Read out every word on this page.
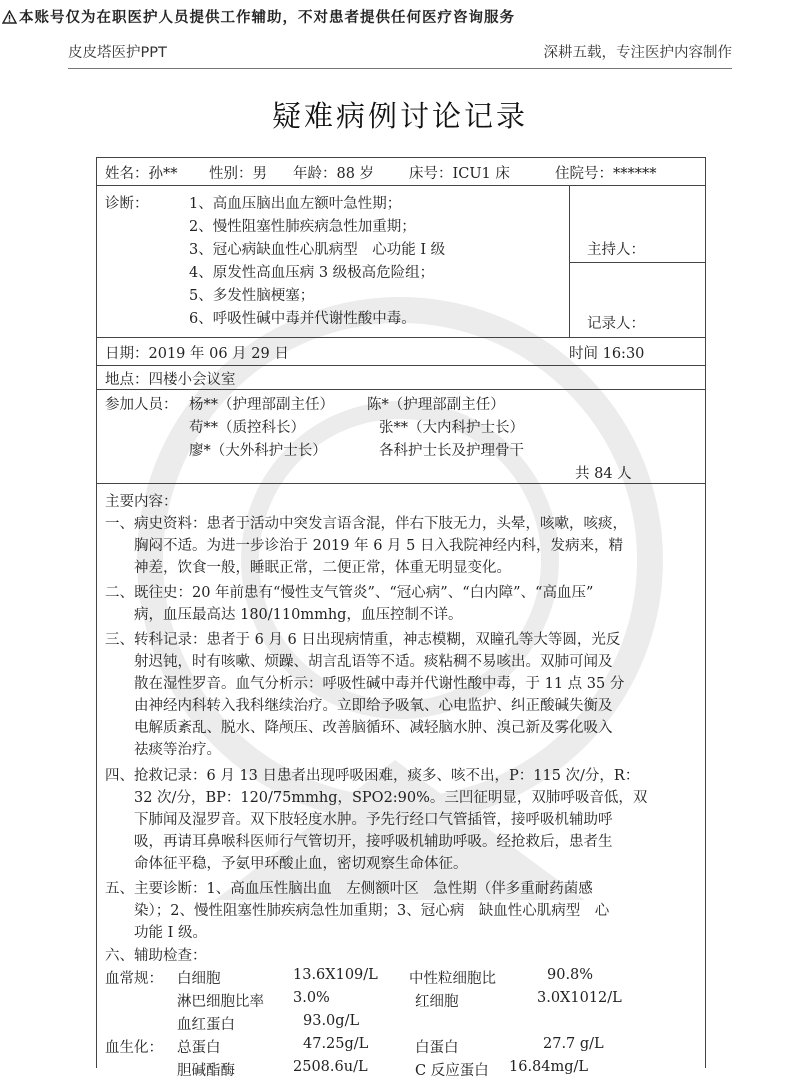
本账号仅为在职医护人员提供工作辅助，不对患者提供任何医疗咨询服务
皮皮塔医护PPT	深耕五载，专注医护内容制作
疑难病例讨论记录
姓名：孙** 性别：男 年龄：88 岁 床号：ICU1 床	住院号：******
诊断：	1、高血压脑出血左额叶急性期；
2、慢性阻塞性肺疾病急性加重期；
3、冠心病缺血性心肌病型　心功能 I 级
4、原发性高血压病 3 级极高危险组；
5、多发性脑梗塞；
6、呼吸性碱中毒并代谢性酸中毒。
主持人：
记录人：
日期：2019 年 06 月 29 日	时间 16:30
地点：四楼小会议室
参加人员： 杨**（护理部副主任） 陈*（护理部副主任）
苟**（质控科长）	张**（大内科护士长）
廖*（大外科护士长）	各科护士长及护理骨干
共 84 人
主要内容：
一、病史资料：患者于活动中突发言语含混，伴右下肢无力，头晕，咳嗽，咳痰，
　　胸闷不适。为进一步诊治于 2019 年 6 月 5 日入我院神经内科，发病来，精
　　神差，饮食一般，睡眠正常，二便正常，体重无明显变化。
二、既往史：20 年前患有“慢性支气管炎”、“冠心病”、“白内障”、“高血压”
　　病，血压最高达 180/110mmhg，血压控制不详。
三、转科记录：患者于 6 月 6 日出现病情重，神志模糊，双瞳孔等大等圆，光反
　　射迟钝，时有咳嗽、烦躁、胡言乱语等不适。痰粘稠不易咳出。双肺可闻及
　　散在湿性罗音。血气分析示：呼吸性碱中毒并代谢性酸中毒，于 11 点 35 分
　　由神经内科转入我科继续治疗。立即给予吸氧、心电监护、纠正酸碱失衡及
　　电解质紊乱、脱水、降颅压、改善脑循环、减轻脑水肿、溴己新及雾化吸入
　　祛痰等治疗。
四、抢救记录：6 月 13 日患者出现呼吸困难，痰多、咳不出，P：115 次/分，R：
　　32 次/分，BP：120/75mmhg，SPO2:90%。三凹征明显，双肺呼吸音低，双
　　下肺闻及湿罗音。双下肢轻度水肿。予先行经口气管插管，接呼吸机辅助呼
　　吸，再请耳鼻喉科医师行气管切开，接呼吸机辅助呼吸。经抢救后，患者生
　　命体征平稳，予氨甲环酸止血，密切观察生命体征。
五、主要诊断：1、高血压性脑出血　左侧额叶区　急性期（伴多重耐药菌感
　　染）；2、慢性阻塞性肺疾病急性加重期；3、冠心病　缺血性心肌病型　心
　　功能 I 级。
六、辅助检查：
血常规： 白细胞	13.6X109/L 中性粒细胞比	90.8%
淋巴细胞比率 3.0%	红细胞	3.0X1012/L
血红蛋白	93.0g/L
血生化： 总蛋白	47.25g/L	白蛋白	27.7 g/L
胆碱酯酶	2508.6u/L	C 反应蛋白 16.84mg/L
